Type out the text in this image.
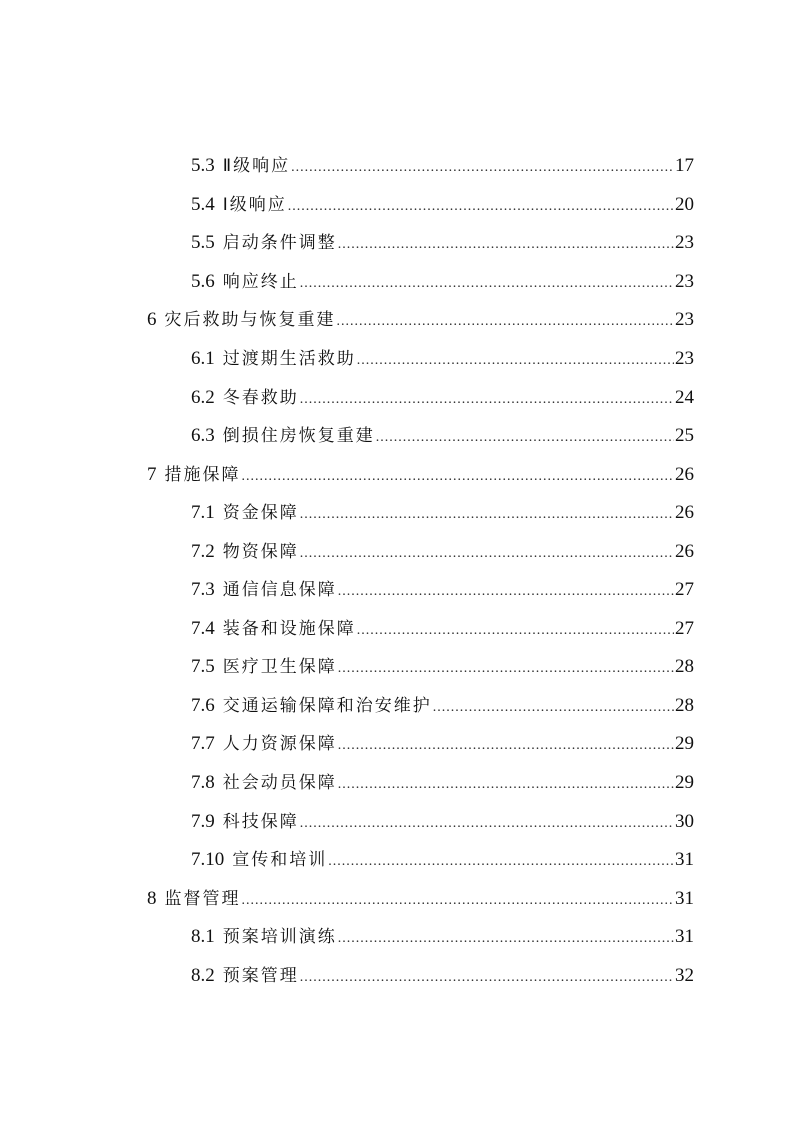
5.3 Ⅱ级响应 .....	17
5.4 Ⅰ级响应 .....	20
5.5 启动条件调整 .....	23
5.6 响应终止 .....	23
6 灾后救助与恢复重建 .....	23
6.1 过渡期生活救助 .....	23
6.2 冬春救助 .....	24
6.3 倒损住房恢复重建 .....	25
7 措施保障 .....	26
7.1 资金保障 .....	26
7.2 物资保障 .....	26
7.3 通信信息保障 .....	27
7.4 装备和设施保障 .....	27
7.5 医疗卫生保障 .....	28
7.6 交通运输保障和治安维护 .....	28
7.7 人力资源保障 .....	29
7.8 社会动员保障 .....	29
7.9 科技保障 .....	30
7.10 宣传和培训 .....	31
8 监督管理 .....	31
8.1 预案培训演练 .....	31
8.2 预案管理 .....	32
